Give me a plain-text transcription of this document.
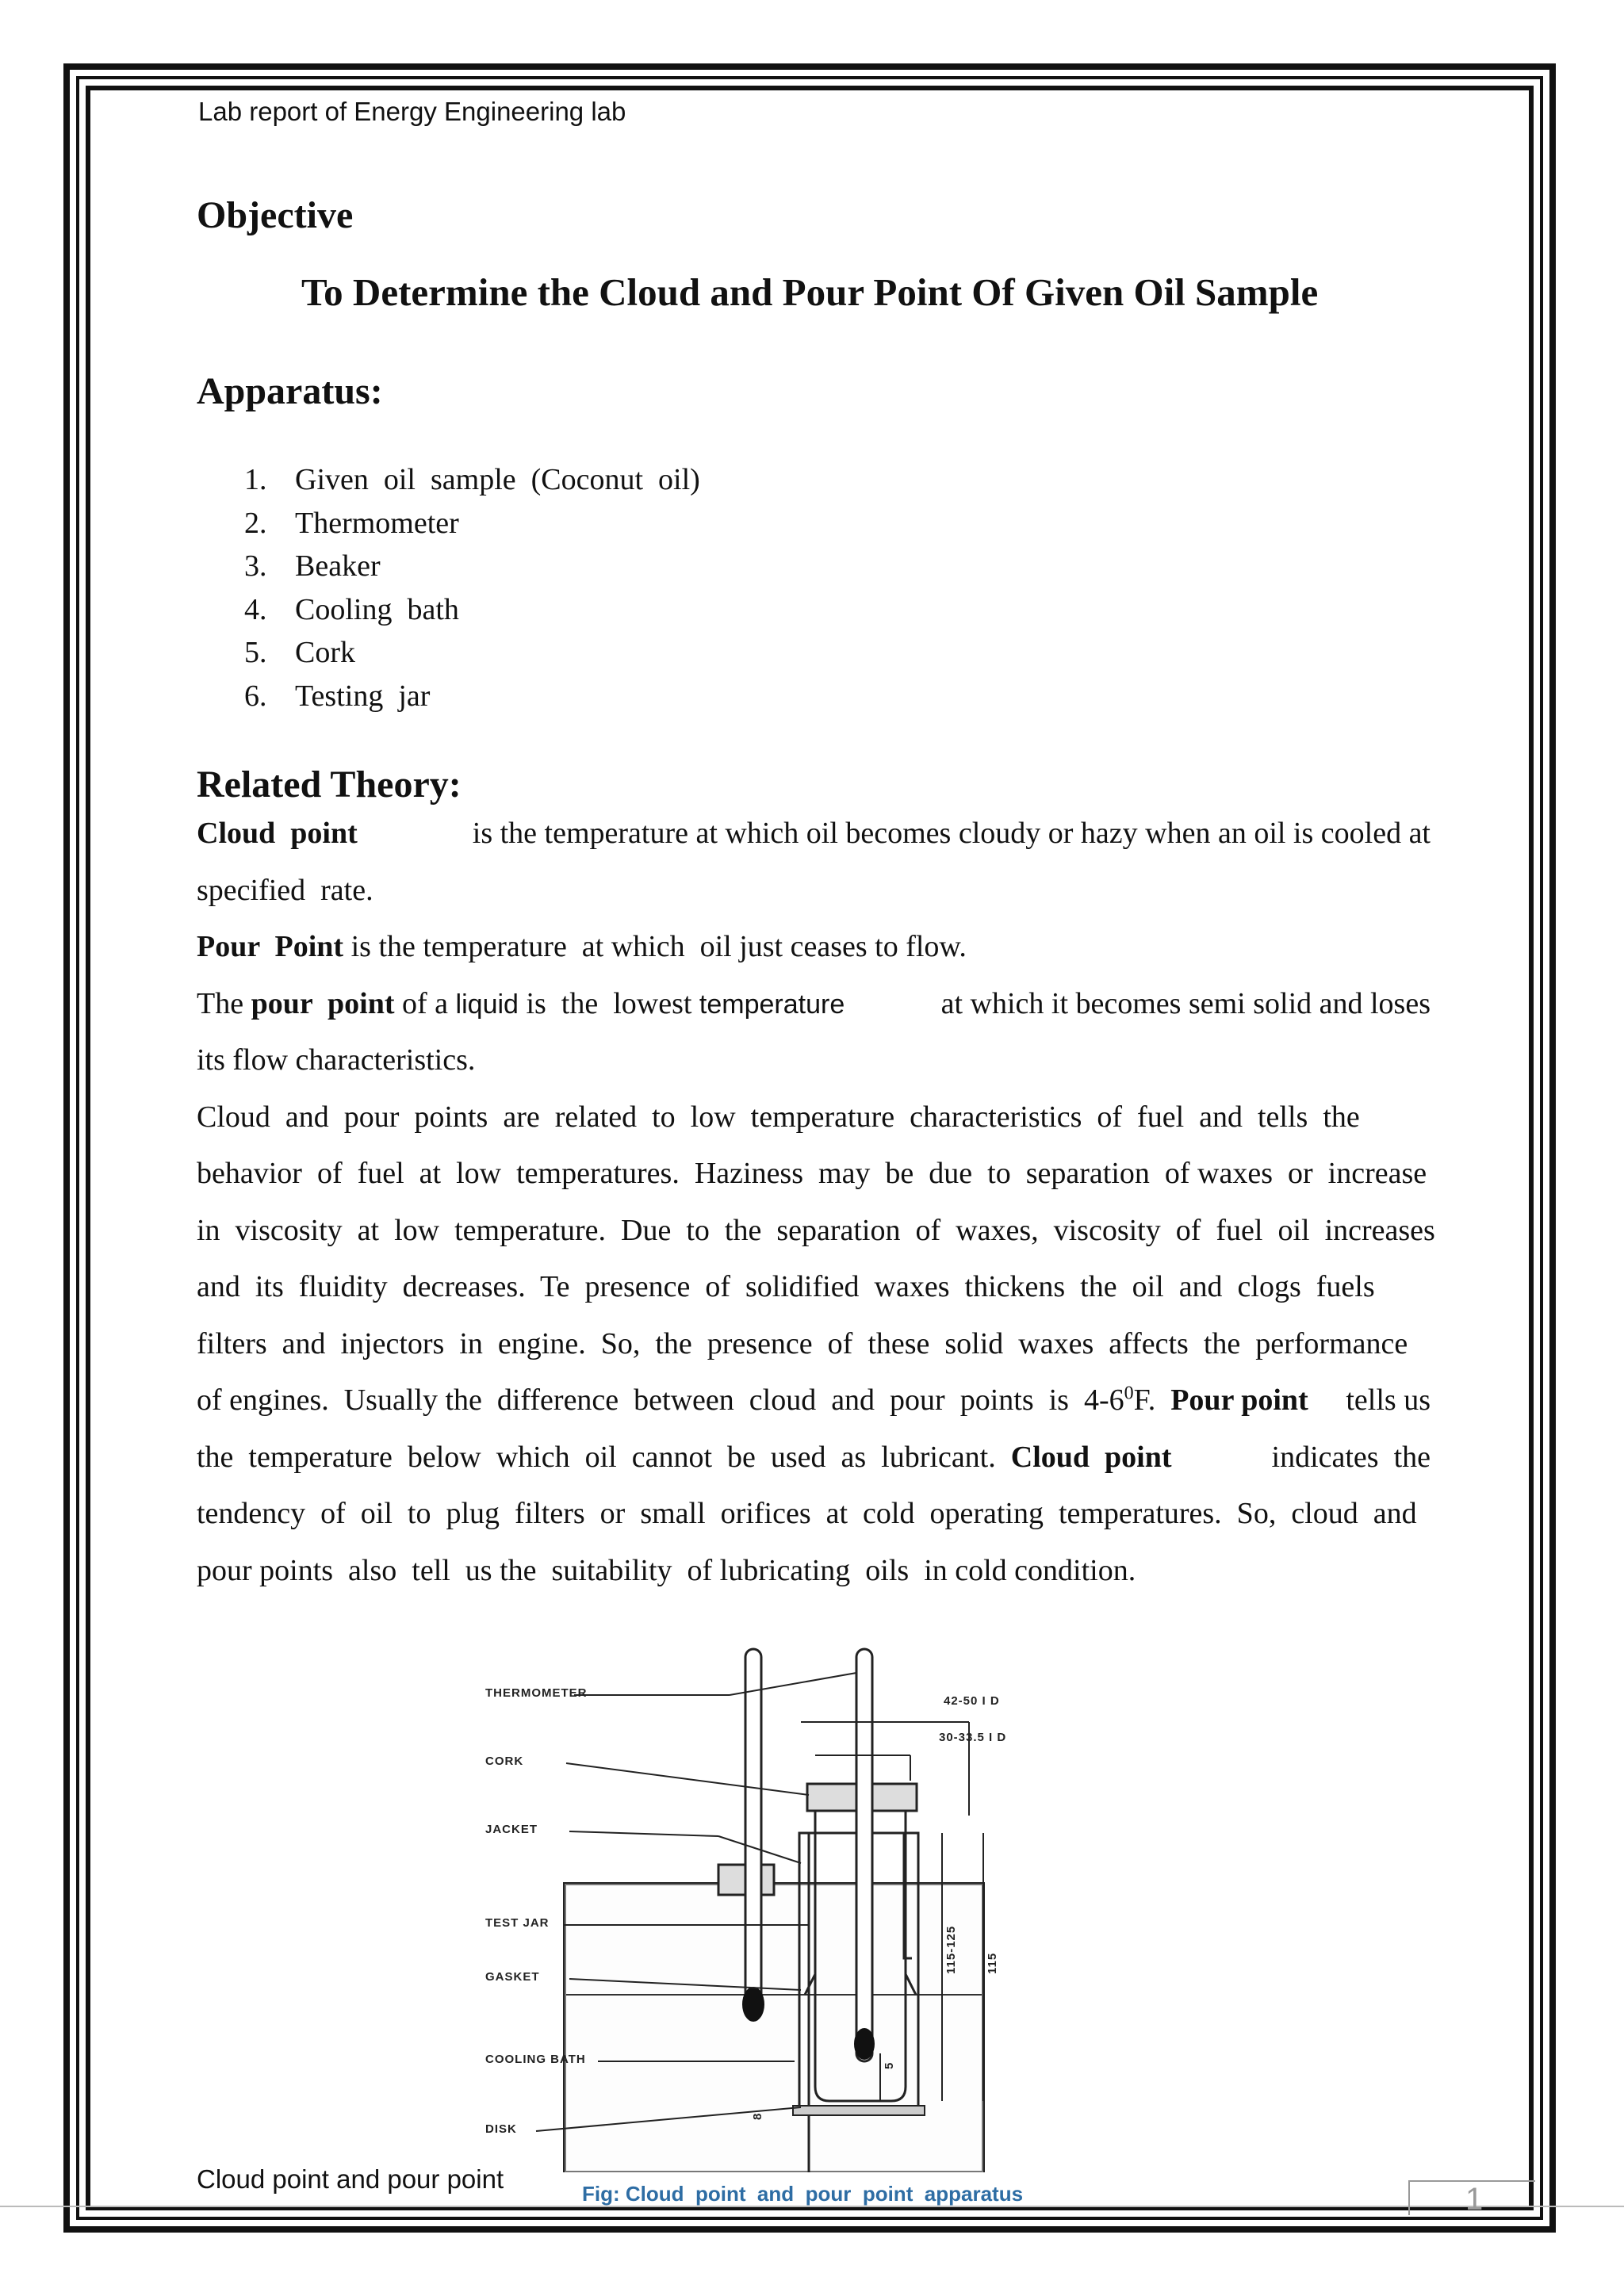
Lab report of Energy Engineering lab
Objective
To Determine the Cloud and Pour Point Of Given Oil Sample
Apparatus:
1. Given  oil  sample  (Coconut  oil)
2. Thermometer
3. Beaker
4. Cooling  bath
5. Cork
6. Testing  jar
Related Theory:
Cloud  point	is the temperature at which oil becomes cloudy or hazy when an oil is cooled at
specified  rate.
Pour  Point is the temperature  at which  oil just ceases to flow.
The pour  point of a liquid is  the  lowest temperature	at which it becomes semi solid and loses
its flow characteristics.
Cloud  and  pour  points  are  related  to  low  temperature  characteristics  of  fuel  and  tells  the
behavior  of  fuel  at  low  temperatures.  Haziness  may  be  due  to  separation  of waxes  or  increase
in  viscosity  at  low  temperature.  Due  to  the  separation  of  waxes,  viscosity  of  fuel  oil  increases
and  its  fluidity  decreases.  Te  presence  of  solidified  waxes  thickens  the  oil  and  clogs  fuels
filters  and  injectors  in  engine.  So,  the  presence  of  these  solid  waxes  affects  the  performance
of engines.  Usually the  difference  between  cloud  and  pour  points  is  $4-6^0F$. Pour point tells us
the  temperature  below  which  oil  cannot  be  used  as  lubricant. Cloud  point	indicates  the
tendency  of  oil  to  plug  filters  or  small  orifices  at  cold  operating  temperatures.  So,  cloud  and
pour points  also  tell  us the  suitability  of lubricating  oils  in cold condition.
THERMOMETER
CORK
JACKET
TEST JAR
GASKET
COOLING BATH
DISK
42-50 I D
30-33.5 I D
115-125 115
5
8
Cloud point and pour point	Fig: Cloud  point  and  pour  point  apparatus	1
